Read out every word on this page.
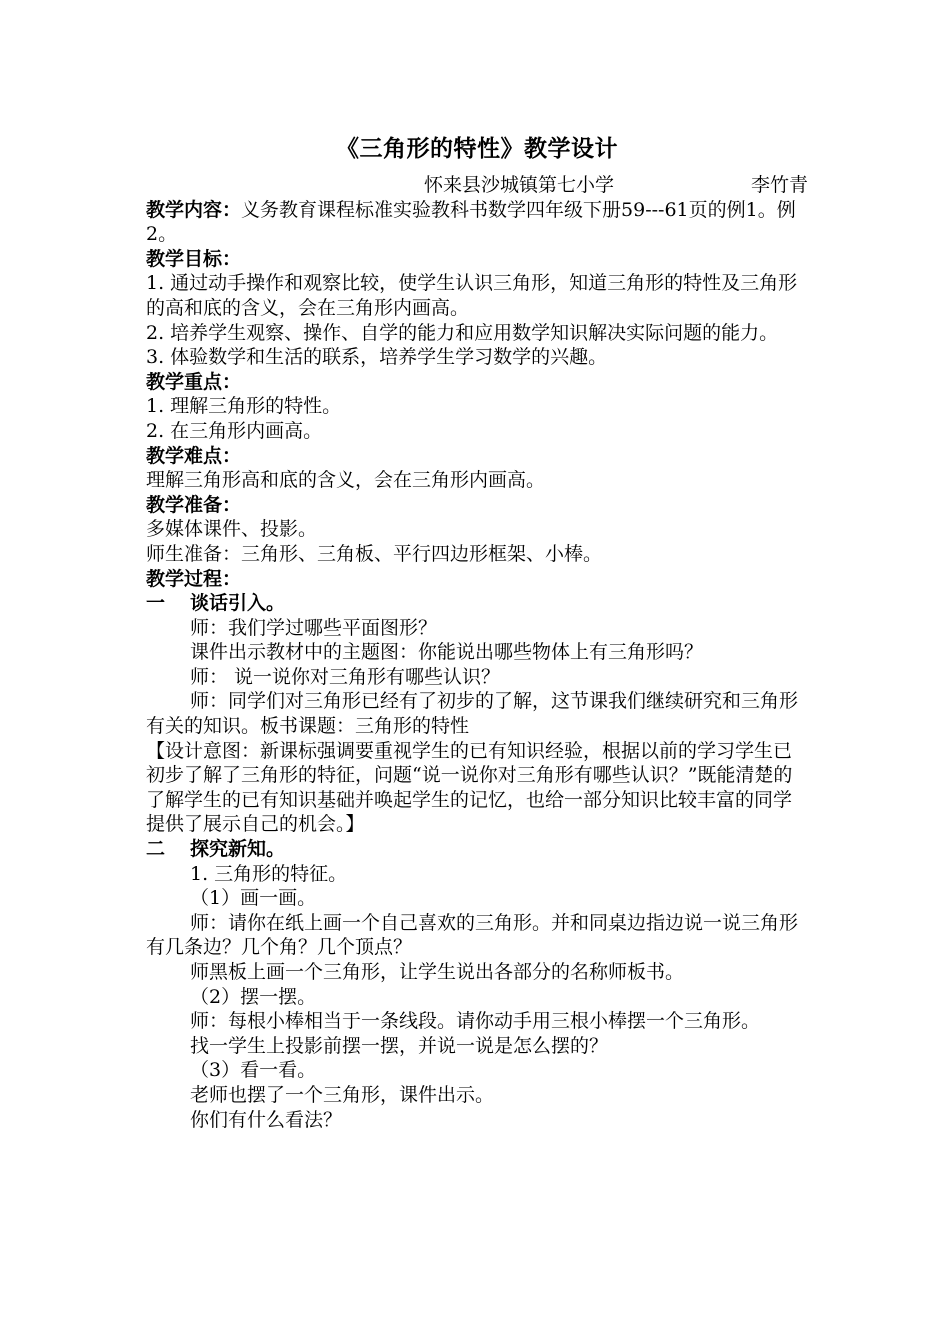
《三角形的特性》教学设计
怀来县沙城镇第七小学	李竹青
教学内容：义务教育课程标准实验教科书数学四年级下册59---61页的例1。例2。
教学目标：
1. 通过动手操作和观察比较，使学生认识三角形，知道三角形的特性及三角形的高和底的含义，会在三角形内画高。
2. 培养学生观察、操作、自学的能力和应用数学知识解决实际问题的能力。
3. 体验数学和生活的联系，培养学生学习数学的兴趣。
教学重点：
1. 理解三角形的特性。
2. 在三角形内画高。
教学难点：
理解三角形高和底的含义，会在三角形内画高。
教学准备：
多媒体课件、投影。
师生准备：三角形、三角板、平行四边形框架、小棒。
教学过程：
一 谈话引入。
师：我们学过哪些平面图形？
课件出示教材中的主题图：你能说出哪些物体上有三角形吗？
师： 说一说你对三角形有哪些认识？
师：同学们对三角形已经有了初步的了解，这节课我们继续研究和三角形有关的知识。板书课题：三角形的特性
【设计意图：新课标强调要重视学生的已有知识经验，根据以前的学习学生已初步了解了三角形的特征，问题“说一说你对三角形有哪些认识？”既能清楚的了解学生的已有知识基础并唤起学生的记忆，也给一部分知识比较丰富的同学提供了展示自己的机会。】
二 探究新知。
1. 三角形的特征。
（1）画一画。
师：请你在纸上画一个自己喜欢的三角形。并和同桌边指边说一说三角形有几条边？几个角？几个顶点？
师黑板上画一个三角形，让学生说出各部分的名称师板书。
（2）摆一摆。
师：每根小棒相当于一条线段。请你动手用三根小棒摆一个三角形。
找一学生上投影前摆一摆，并说一说是怎么摆的？
（3）看一看。
老师也摆了一个三角形，课件出示。
你们有什么看法？
